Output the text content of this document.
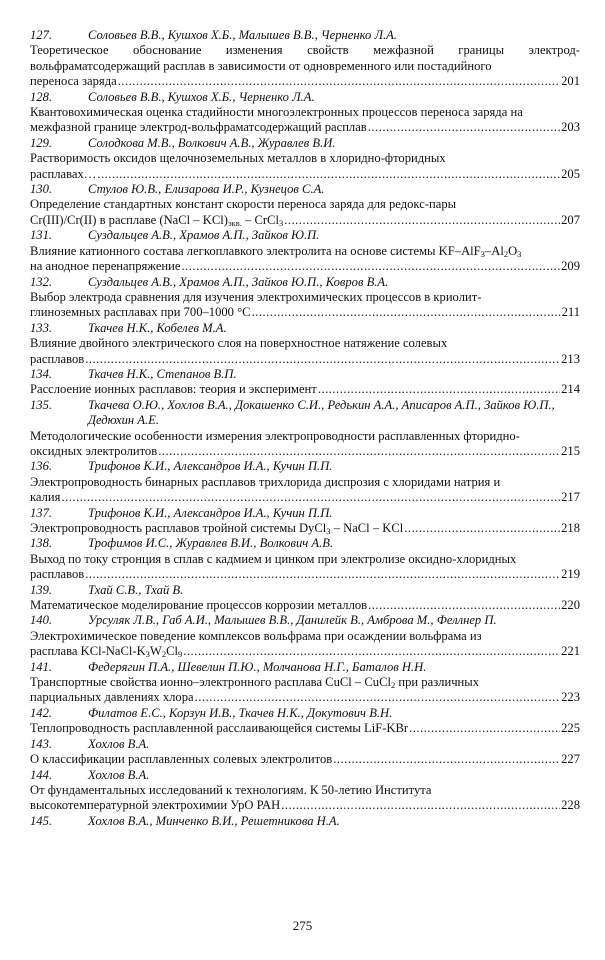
127.	Соловьев В.В., Кушхов Х.Б., Малышев В.В., Черненко Л.А.
Теоретическое обоснование изменения свойств межфазной границы электрод-вольфраматсодержащий расплав в зависимости от одновременного или постадийного
переноса заряда .....	201
128.	Соловьев В.В., Кушхов Х.Б., Черненко Л.А.
Квантовохимическая оценка стадийности многоэлектронных процессов переноса заряда на
межфазной границе электрод-вольфраматсодержащий расплав .....	203
129.	Солодкова М.В., Волкович А.В., Журавлев В.И.
Растворимость оксидов щелочноземельных металлов в хлоридно-фторидных
расплавах… .....	205
130.	Стулов Ю.В., Елизарова И.Р., Кузнецов С.А.
Определение стандартных констант скорости переноса заряда для редокс-пары
Cr(III)/Cr(II) в расплаве (NaCl – $KCl)_{экв.}$ – CrCl$_3$ .....	207
131.	Суздальцев А.В., Храмов А.П., Зайков Ю.П.
Влияние катионного состава легкоплавкого электролита на основе системы $KF-AlF_3-Al_2O_3$
на анодное перенапряжение .....	209
132.	Суздальцев А.В., Храмов А.П., Зайков Ю.П., Ковров В.А.
Выбор электрода сравнения для изучения электрохимических процессов в криолит-
глиноземных расплавах при 700–1000 °С .....	211
133.	Ткачев Н.К., Кобелев М.А.
Влияние двойного электрического слоя на поверхностное натяжение солевых
расплавов .....	213
134.	Ткачев Н.К., Степанов В.П.
Расслоение ионных расплавов: теория и эксперимент .....	214
135.	Ткачева О.Ю., Хохлов В.А., Докашенко С.И., Редькин А.А., Аписаров А.П., Зайков Ю.П., Дедюхин А.Е.
Методологические особенности измерения электропроводности расплавленных фторидно-
оксидных электролитов .....	215
136.	Трифонов К.И., Александров И.А., Кучин П.П.
Электропроводность бинарных расплавов трихлорида диспрозия с хлоридами натрия и
калия .....	217
137.	Трифонов К.И., Александров И.А., Кучин П.П.
Электропроводность расплавов тройной системы DyCl$_3$ – NaCl – KCl .....	218
138.	Трофимов И.С., Журавлев В.И., Волкович А.В.
Выход по току стронция в сплав с кадмием и цинком при электролизе оксидно-хлоридных
расплавов .....	219
139.	Тхай С.В., Тхай В.
Математическое моделирование процессов коррозии металлов .....	220
140.	Урсуляк Л.В., Габ А.И., Малышев В.В., Данилейк В., Амброва М., Феллнер П.
Электрохимическое поведение комплексов вольфрама при осаждении вольфрама из
расплава KCl-$NaCl-K_3W_2Cl_9$ .....	221
141.	Федерягин П.А., Шевелин П.Ю., Молчанова Н.Г., Баталов Н.Н.
Транспортные свойства ионно–электронного расплава CuCl – CuCl$_2$ при различных
парциальных давлениях хлора .....	223
142.	Филатов Е.С., Корзун И.В., Ткачев Н.К., Докутович В.Н.
Теплопроводность расплавленной расслаивающейся системы LiF-KBr .....	225
143.	Хохлов В.А.
О классификации расплавленных солевых электролитов .....	227
144.	Хохлов В.А.
От фундаментальных исследований к технологиям. К 50-летию Института
высокотемпературной электрохимии УрО РАН .....	228
145.	Хохлов В.А., Минченко В.И., Решетникова Н.А.
275
